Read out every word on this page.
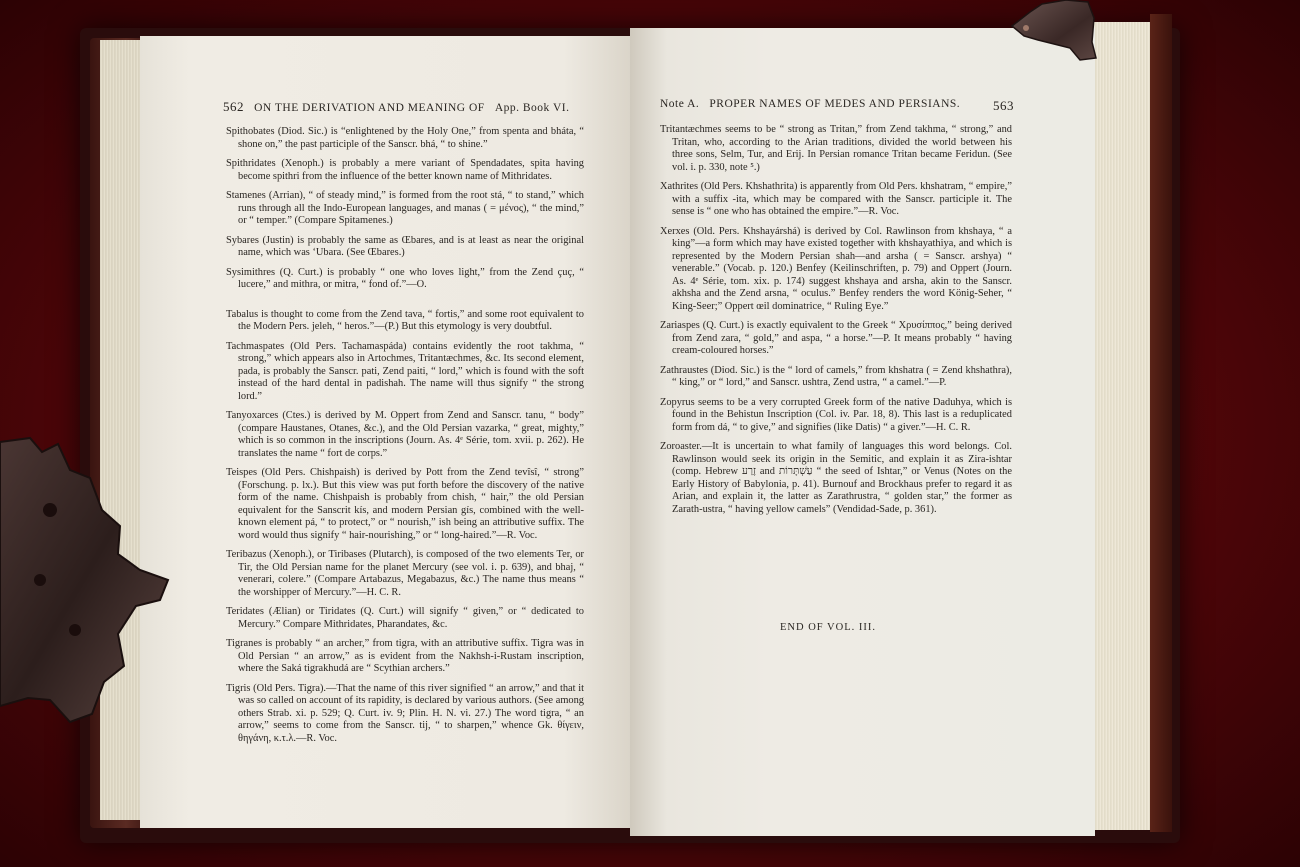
562 ON THE DERIVATION AND MEANING OF App. Book VI.

Spithobates (Diod. Sic.) is “enlightened by the Holy One,” from spenta and bháta, “ shone on,” the past participle of the Sanscr. bhá, “ to shine.”

Spithridates (Xenoph.) is probably a mere variant of Spendadates, spita having become spithri from the influence of the better known name of Mithridates.

Stamenes (Arrian), “ of steady mind,” is formed from the root stá, “ to stand,” which runs through all the Indo-European languages, and manas ( = μένος), “ the mind,” or “ temper.” (Compare Spitamenes.)

Sybares (Justin) is probably the same as Œbares, and is at least as near the original name, which was ‘Ubara. (See Œbares.)

Sysimithres (Q. Curt.) is probably “ one who loves light,” from the Zend çuç, “ lucere,” and mithra, or mitra, “ fond of.”—O.

Tabalus is thought to come from the Zend tava, “ fortis,” and some root equivalent to the Modern Pers. jeleh, “ heros.”—(P.) But this etymology is very doubtful.

Tachmaspates (Old Pers. Tachamaspáda) contains evidently the root takhma, “ strong,” which appears also in Artochmes, Tritantæchmes, &c. Its second element, pada, is probably the Sanscr. pati, Zend paiti, “ lord,” which is found with the soft instead of the hard dental in padishah. The name will thus signify “ the strong lord.”

Tanyoxarces (Ctes.) is derived by M. Oppert from Zend and Sanscr. tanu, “ body” (compare Haustanes, Otanes, &c.), and the Old Persian vazarka, “ great, mighty,” which is so common in the inscriptions (Journ. As. 4ᵉ Série, tom. xvii. p. 262). He translates the name “ fort de corps.”

Teispes (Old Pers. Chishpaish) is derived by Pott from the Zend tevîsî, “ strong” (Forschung. p. lx.). But this view was put forth before the discovery of the native form of the name. Chishpaish is probably from chish, “ hair,” the old Persian equivalent for the Sanscrit kís, and modern Persian gís, combined with the well-known element pá, “ to protect,” or “ nourish,” ish being an attributive suffix. The word would thus signify “ hair-nourishing,” or “ long-haired.”—R. Voc.

Teribazus (Xenoph.), or Tiribases (Plutarch), is composed of the two elements Ter, or Tir, the Old Persian name for the planet Mercury (see vol. i. p. 639), and bhaj, “ venerari, colere.” (Compare Artabazus, Megabazus, &c.) The name thus means “ the worshipper of Mercury.”—H. C. R.

Teridates (Ælian) or Tiridates (Q. Curt.) will signify “ given,” or “ dedicated to Mercury.” Compare Mithridates, Pharandates, &c.

Tigranes is probably “ an archer,” from tigra, with an attributive suffix. Tigra was in Old Persian “ an arrow,” as is evident from the Nakhsh-i-Rustam inscription, where the Saká tigrakhudá are “ Scythian archers.”

Tigris (Old Pers. Tigra).—That the name of this river signified “ an arrow,” and that it was so called on account of its rapidity, is declared by various authors. (See among others Strab. xi. p. 529; Q. Curt. iv. 9; Plin. H. N. vi. 27.) The word tigra, “ an arrow,” seems to come from the Sanscr. tij, “ to sharpen,” whence Gk. θίγειν, θηγάνη, κ.τ.λ.—R. Voc.

Note A. PROPER NAMES OF MEDES AND PERSIANS.	563

Tritantæchmes seems to be “ strong as Tritan,” from Zend takhma, “ strong,” and Tritan, who, according to the Arian traditions, divided the world between his three sons, Selm, Tur, and Erij. In Persian romance Tritan became Feridun. (See vol. i. p. 330, note ⁵.)

Xathrites (Old Pers. Khshathrita) is apparently from Old Pers. khshatram, “ empire,” with a suffix -ita, which may be compared with the Sanscr. participle it. The sense is “ one who has obtained the empire.”—R. Voc.

Xerxes (Old. Pers. Khshayárshá) is derived by Col. Rawlinson from khshaya, “ a king”—a form which may have existed together with khshayathiya, and which is represented by the Modern Persian shah—and arsha ( = Sanscr. arshya) “ venerable.” (Vocab. p. 120.) Benfey (Keilinschriften, p. 79) and Oppert (Journ. As. 4ᵉ Série, tom. xix. p. 174) suggest khshaya and arsha, akin to the Sanscr. akhsha and the Zend arsna, “ oculus.” Benfey renders the word König-Seher, “ King-Seer;” Oppert œil dominatrice, “ Ruling Eye.”

Zariaspes (Q. Curt.) is exactly equivalent to the Greek “ Χρυσίππος,” being derived from Zend zara, “ gold,” and aspa, “ a horse.”—P. It means probably “ having cream-coloured horses.”

Zathraustes (Diod. Sic.) is the “ lord of camels,” from khshatra ( = Zend khshathra), “ king,” or “ lord,” and Sanscr. ushtra, Zend ustra, “ a camel.”—P.

Zopyrus seems to be a very corrupted Greek form of the native Daduhya, which is found in the Behistun Inscription (Col. iv. Par. 18, 8). This last is a reduplicated form from dá, “ to give,” and signifies (like Datis) “ a giver.”—H. C. R.

Zoroaster.—It is uncertain to what family of languages this word belongs. Col. Rawlinson would seek its origin in the Semitic, and explain it as Zira-ishtar (comp. Hebrew זֶרַע and עַשְׁתָּרוֹת “ the seed of Ishtar,” or Venus (Notes on the Early History of Babylonia, p. 41). Burnouf and Brockhaus prefer to regard it as Arian, and explain it, the latter as Zarathrustra, “ golden star,” the former as Zarath-ustra, “ having yellow camels” (Vendidad-Sade, p. 361).

END OF VOL. III.
